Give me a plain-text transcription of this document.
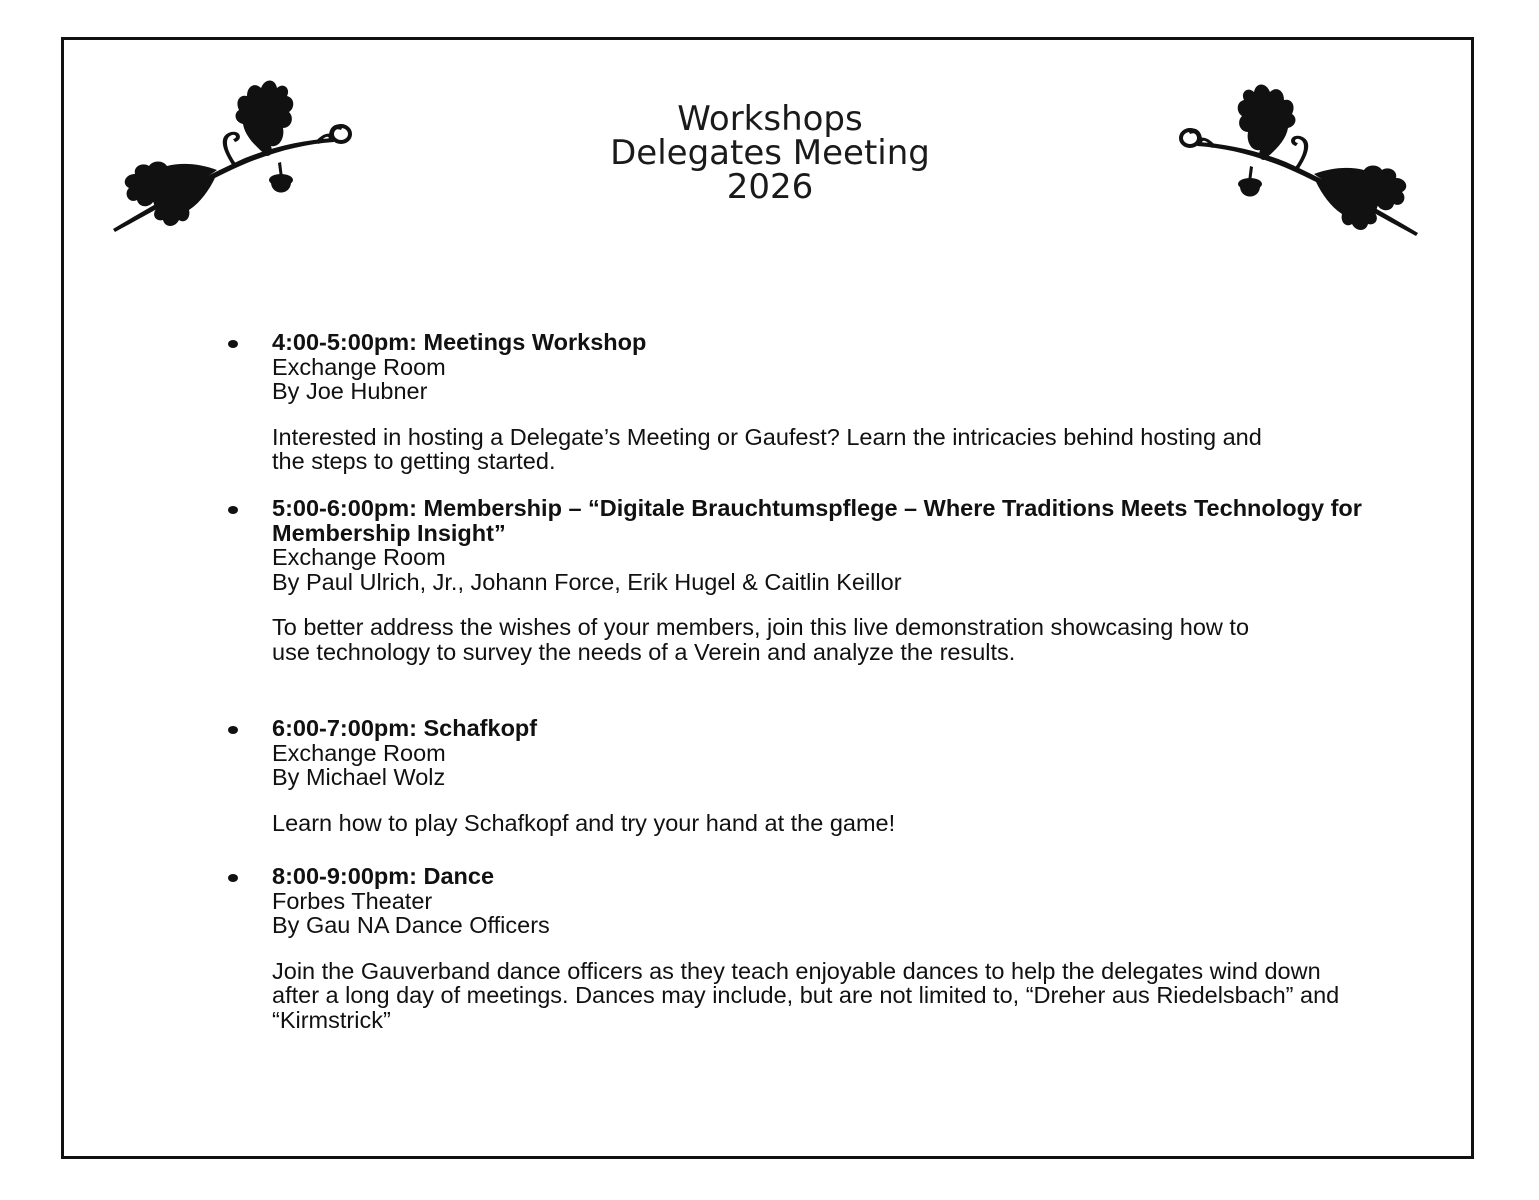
Workshops
Delegates Meeting
2026
4:00-5:00pm: Meetings Workshop
Exchange Room
By Joe Hubner
Interested in hosting a Delegate’s Meeting or Gaufest? Learn the intricacies behind hosting and the steps to getting started.
5:00-6:00pm: Membership – “Digitale Brauchtumspflege – Where Traditions Meets Technology for Membership Insight”
Exchange Room
By Paul Ulrich, Jr., Johann Force, Erik Hugel & Caitlin Keillor
To better address the wishes of your members, join this live demonstration showcasing how to use technology to survey the needs of a Verein and analyze the results.
6:00-7:00pm: Schafkopf
Exchange Room
By Michael Wolz
Learn how to play Schafkopf and try your hand at the game!
8:00-9:00pm: Dance
Forbes Theater
By Gau NA Dance Officers
Join the Gauverband dance officers as they teach enjoyable dances to help the delegates wind down after a long day of meetings. Dances may include, but are not limited to, “Dreher aus Riedelsbach” and “Kirmstrick”
